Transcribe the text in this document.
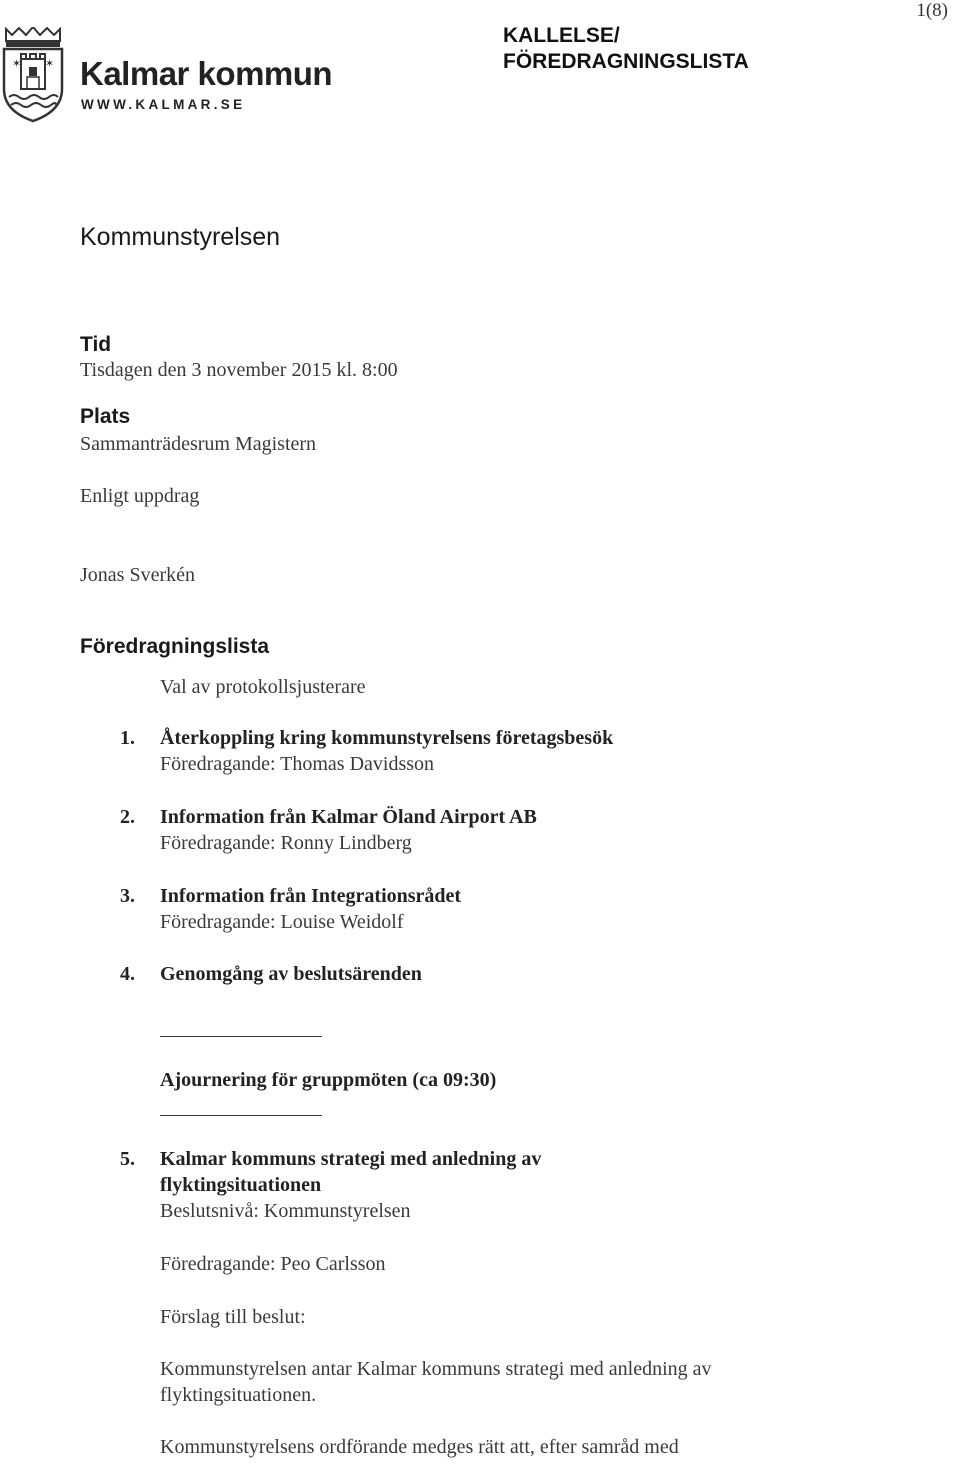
1(8)
✶ ✶ Kalmar kommun
WWW.KALMAR.SE
KALLELSE/
FÖREDRAGNINGSLISTA
Kommunstyrelsen
Tid
Tisdagen den 3 november 2015 kl. 8:00
Plats
Sammanträdesrum Magistern
Enligt uppdrag
Jonas Sverkén
Föredragningslista
Val av protokollsjusterare
1. Återkoppling kring kommunstyrelsens företagsbesök
Föredragande: Thomas Davidsson
2. Information från Kalmar Öland Airport AB
Föredragande: Ronny Lindberg
3. Information från Integrationsrådet
Föredragande: Louise Weidolf
4. Genomgång av beslutsärenden
Ajournering för gruppmöten (ca 09:30)
5. Kalmar kommuns strategi med anledning av
flyktingsituationen
Beslutsnivå: Kommunstyrelsen
Föredragande: Peo Carlsson
Förslag till beslut:
Kommunstyrelsen antar Kalmar kommuns strategi med anledning av
flyktingsituationen.
Kommunstyrelsens ordförande medges rätt att, efter samråd med
